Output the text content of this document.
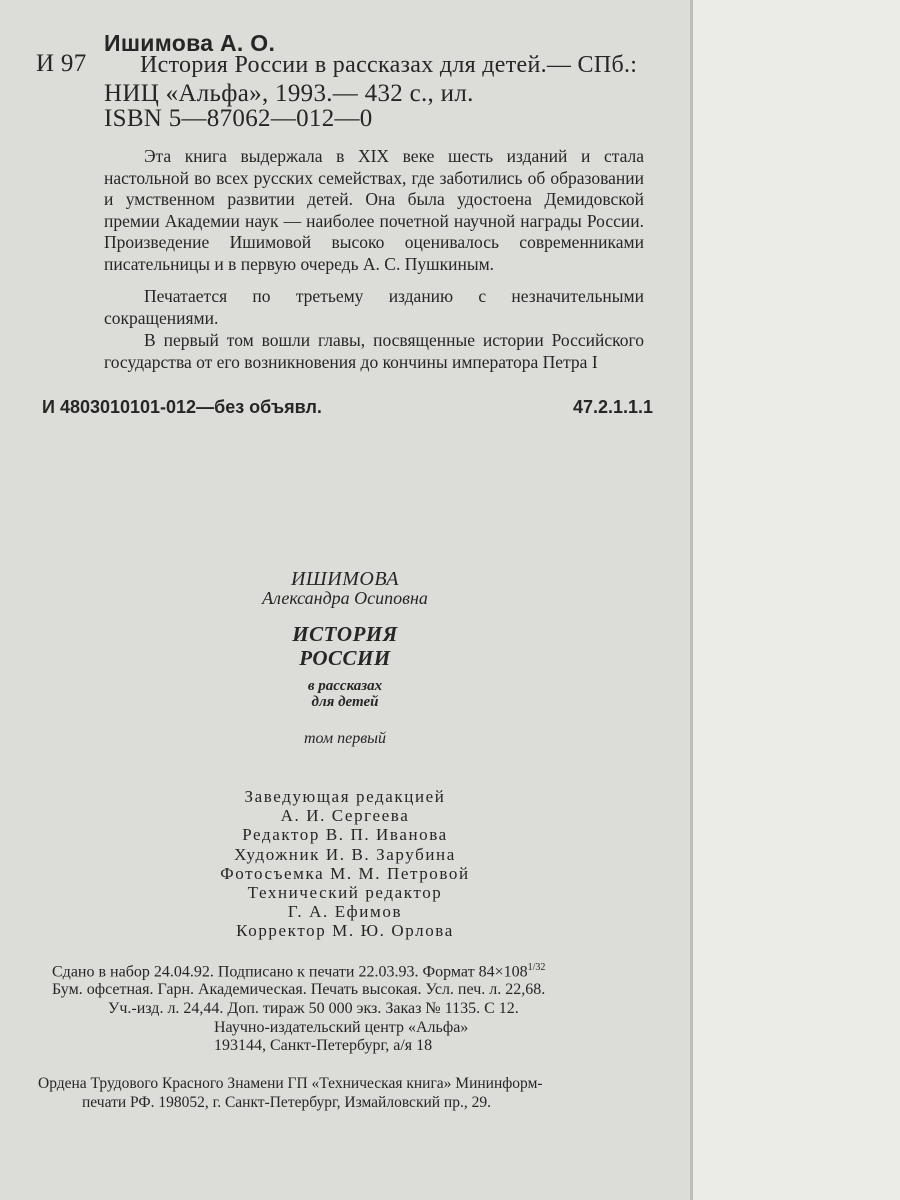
Ишимова А. О.
И 97 История России в рассказах для детей.— СПб.:
НИЦ «Альфа», 1993.— 432 с., ил.
ISBN 5—87062—012—0

Эта книга выдержала в XIX веке шесть изданий и стала настольной во всех русских семействах, где заботились об образовании и умственном развитии детей. Она была удостоена Демидовской премии Академии наук — наиболее почетной научной награды России. Произведение Ишимовой высоко оценивалось современниками писательницы и в первую очередь А. С. Пушкиным.

Печатается по третьему изданию с незначительными сокращениями.

В первый том вошли главы, посвященные истории Российского государства от его возникновения до кончины императора Петра I

И 4803010101-012—без объявл.	47.2.1.1.1
ИШИМОВА
Александра Осиповна
ИСТОРИЯ
РОССИИ
в рассказах
для детей
том первый
Заведующая редакцией
А. И. Сергеева
Редактор В. П. Иванова
Художник И. В. Зарубина
Фотосъемка М. М. Петровой
Технический редактор
Г. А. Ефимов
Корректор М. Ю. Орлова
Сдано в набор 24.04.92. Подписано к печати 22.03.93. Формат $84\times 108^{1/32}$
Бум. офсетная. Гарн. Академическая. Печать высокая. Усл. печ. л. 22,68.
Уч.-изд. л. 24,44. Доп. тираж 50 000 экз. Заказ № 1135. С 12.
Научно-издательский центр «Альфа»
193144, Санкт-Петербург, а/я 18
Ордена Трудового Красного Знамени ГП «Техническая книга» Мининформ-
печати РФ. 198052, г. Санкт-Петербург, Измайловский пр., 29.
